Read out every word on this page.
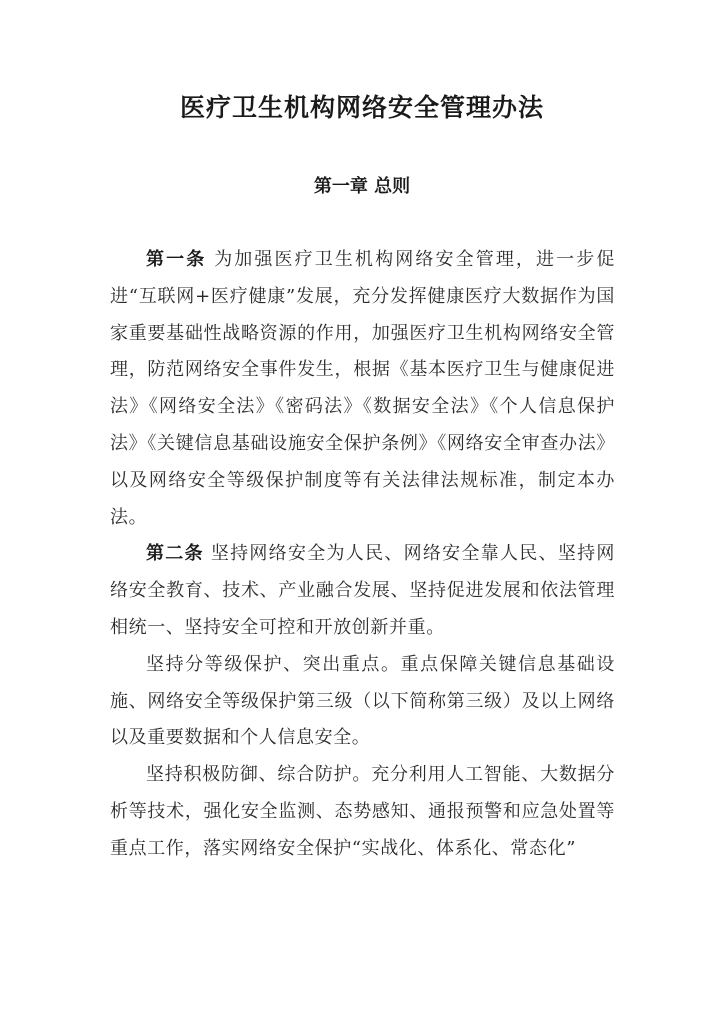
医疗卫生机构网络安全管理办法
第一章 总则

第一条 为加强医疗卫生机构网络安全管理，进一步促进“互联网+医疗健康”发展，充分发挥健康医疗大数据作为国家重要基础性战略资源的作用，加强医疗卫生机构网络安全管理，防范网络安全事件发生，根据《基本医疗卫生与健康促进法》《网络安全法》《密码法》《数据安全法》《个人信息保护法》《关键信息基础设施安全保护条例》《网络安全审查办法》以及网络安全等级保护制度等有关法律法规标准，制定本办法。

第二条 坚持网络安全为人民、网络安全靠人民、坚持网络安全教育、技术、产业融合发展、坚持促进发展和依法管理相统一、坚持安全可控和开放创新并重。

坚持分等级保护、突出重点。重点保障关键信息基础设施、网络安全等级保护第三级（以下简称第三级）及以上网络以及重要数据和个人信息安全。

坚持积极防御、综合防护。充分利用人工智能、大数据分析等技术，强化安全监测、态势感知、通报预警和应急处置等重点工作，落实网络安全保护“实战化、体系化、常态化”
